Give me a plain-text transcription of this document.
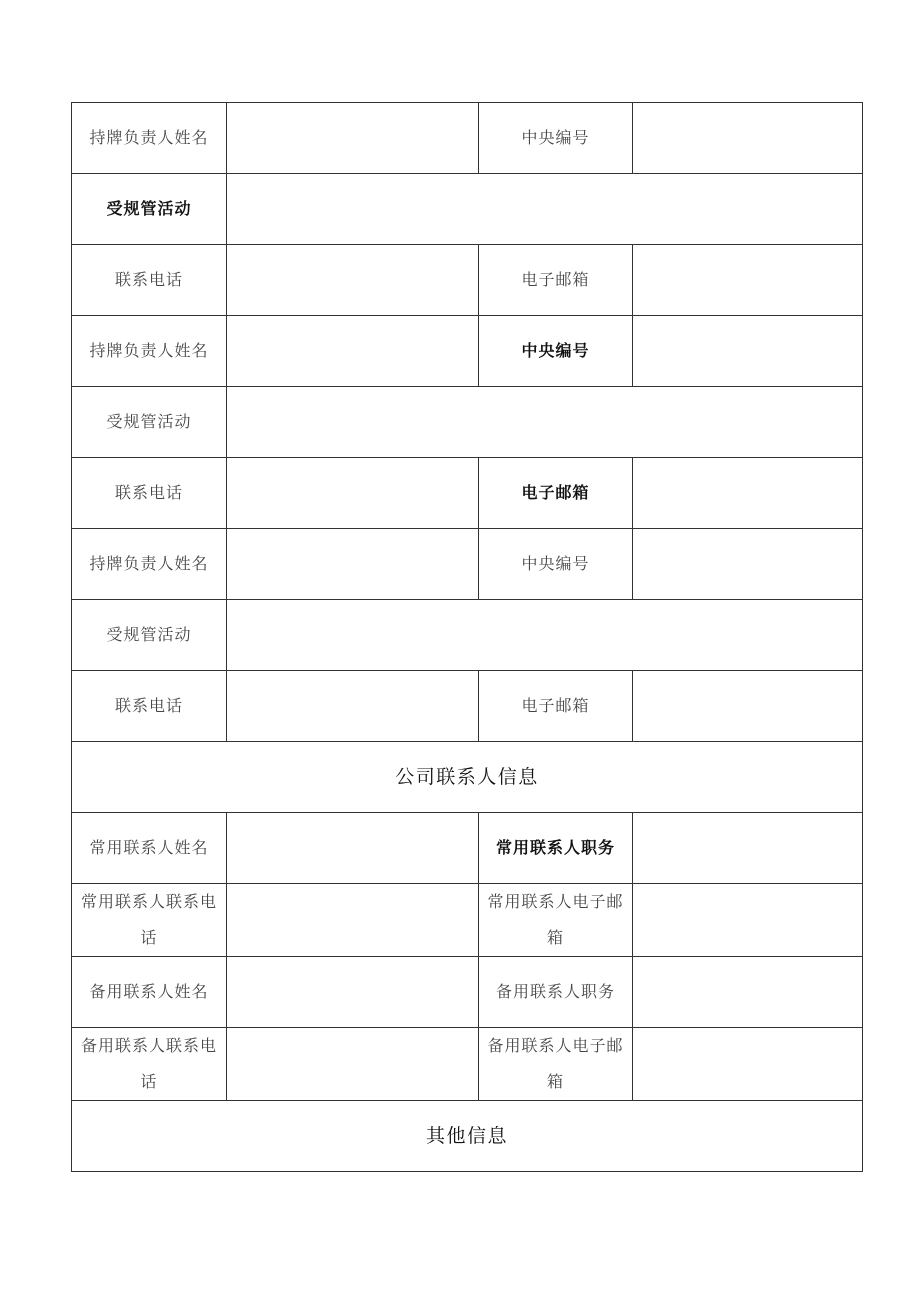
持牌负责人姓名		中央编号	
受规管活动			
联系电话		电子邮箱	
持牌负责人姓名		中央编号	
受规管活动			
联系电话		电子邮箱	
持牌负责人姓名		中央编号	
受规管活动			
联系电话		电子邮箱	
公司联系人信息			
常用联系人姓名		常用联系人职务	
常用联系人联系电话		常用联系人电子邮箱	
备用联系人姓名		备用联系人职务	
备用联系人联系电话		备用联系人电子邮箱	
其他信息			
